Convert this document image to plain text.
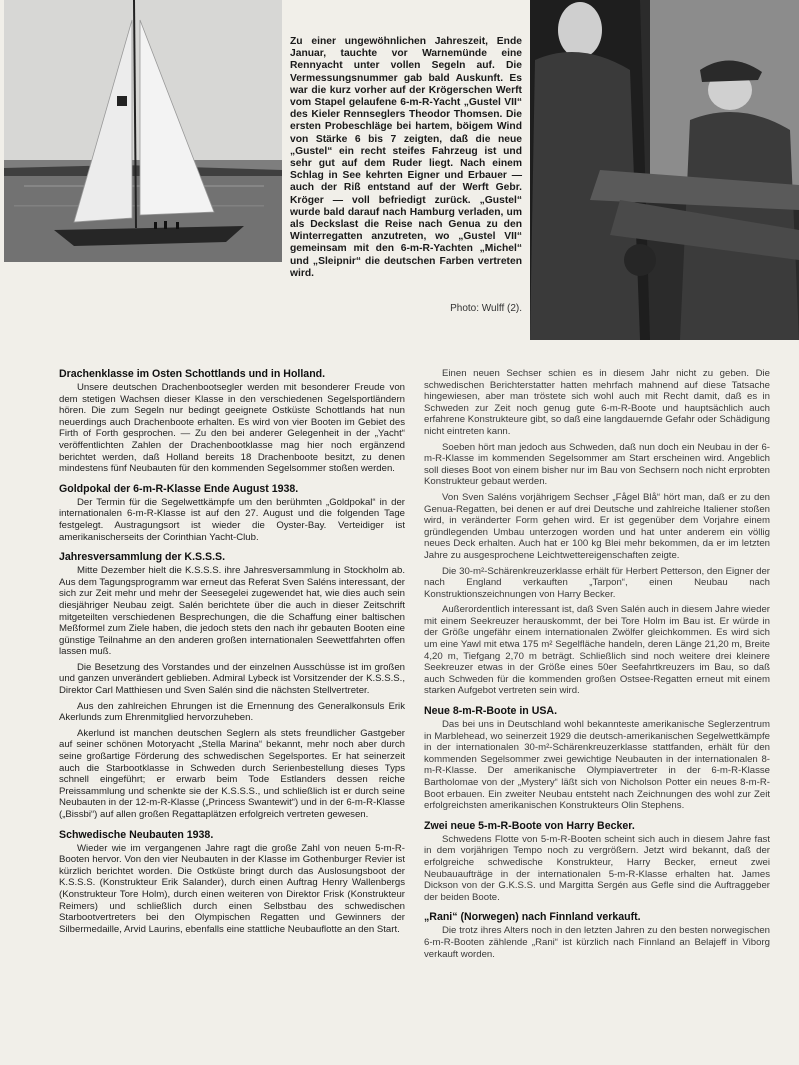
Zu einer ungewöhnlichen Jahreszeit, Ende Januar, tauchte vor Warnemünde eine Rennyacht unter vollen Segeln auf. Die Vermessungsnummer gab bald Auskunft. Es war die kurz vorher auf der Krögerschen Werft vom Stapel gelaufene 6-m-R-Yacht „Gustel VII“ des Kieler Rennseglers Theodor Thomsen. Die ersten Probeschläge bei hartem, böigem Wind von Stärke 6 bis 7 zeigten, daß die neue „Gustel“ ein recht steifes Fahrzeug ist und sehr gut auf dem Ruder liegt. Nach einem Schlag in See kehrten Eigner und Erbauer — auch der Riß entstand auf der Werft Gebr. Kröger — voll befriedigt zurück. „Gustel“ wurde bald darauf nach Hamburg verladen, um als Deckslast die Reise nach Genua zu den Winterregatten anzutreten, wo „Gustel VII“ gemeinsam mit den 6-m-R-Yachten „Michel“ und „Sleipnir“ die deutschen Farben vertreten wird.
Photo: Wulff (2).
Drachenklasse im Osten Schottlands und in Holland.

Unsere deutschen Drachenbootsegler werden mit besonderer Freude von dem stetigen Wachsen dieser Klasse in den verschiedenen Segelsportländern hören. Die zum Segeln nur bedingt geeignete Ostküste Schottlands hat nun neuerdings auch Drachenboote erhalten. Es wird von vier Booten im Gebiet des Firth of Forth gesprochen. — Zu den bei anderer Gelegenheit in der „Yacht“ veröffentlichten Zahlen der Drachenbootklasse mag hier noch ergänzend berichtet werden, daß Holland bereits 18 Drachenboote besitzt, zu denen mindestens fünf Neubauten für den kommenden Segelsommer stoßen werden.

Goldpokal der 6-m-R-Klasse Ende August 1938.

Der Termin für die Segelwettkämpfe um den berühmten „Goldpokal“ in der internationalen 6-m-R-Klasse ist auf den 27. August und die folgenden Tage festgelegt. Austragungsort ist wieder die Oyster-Bay. Verteidiger ist amerikanischerseits der Corinthian Yacht-Club.

Jahresversammlung der K.S.S.S.

Mitte Dezember hielt die K.S.S.S. ihre Jahresversammlung in Stockholm ab. Aus dem Tagungsprogramm war erneut das Referat Sven Saléns interessant, der sich zur Zeit mehr und mehr der Seesegelei zugewendet hat, wie dies auch sein diesjähriger Neubau zeigt. Salén berichtete über die auch in dieser Zeitschrift mitgeteilten verschiedenen Besprechungen, die die Schaffung einer baltischen Meßformel zum Ziele haben, die jedoch stets den nach ihr gebauten Booten eine günstige Teilnahme an den anderen großen internationalen Seewettfahrten offen lassen muß.

Die Besetzung des Vorstandes und der einzelnen Ausschüsse ist im großen und ganzen unverändert geblieben. Admiral Lybeck ist Vorsitzender der K.S.S.S., Direktor Carl Matthiesen und Sven Salén sind die nächsten Stellvertreter.

Aus den zahlreichen Ehrungen ist die Ernennung des Generalkonsuls Erik Akerlunds zum Ehrenmitglied hervorzuheben.

Akerlund ist manchen deutschen Seglern als stets freundlicher Gastgeber auf seiner schönen Motoryacht „Stella Marina“ bekannt, mehr noch aber durch seine großartige Förderung des schwedischen Segelsportes. Er hat seinerzeit auch die Starbootklasse in Schweden durch Serienbestellung dieses Typs schnell eingeführt; er erwarb beim Tode Estlanders dessen reiche Preissammlung und schenkte sie der K.S.S.S., und schließlich ist er durch seine Neubauten in der 12-m-R-Klasse („Princess Swantewit“) und in der 6-m-R-Klasse („Bissbi“) auf allen großen Regattaplätzen erfolgreich vertreten gewesen.

Schwedische Neubauten 1938.

Wieder wie im vergangenen Jahre ragt die große Zahl von neuen 5-m-R-Booten hervor. Von den vier Neubauten in der Klasse im Gothenburger Revier ist kürzlich berichtet worden. Die Ostküste bringt durch das Auslosungsboot der K.S.S.S. (Konstrukteur Erik Salander), durch einen Auftrag Henry Wallenbergs (Konstrukteur Tore Holm), durch einen weiteren von Direktor Frisk (Konstrukteur Reimers) und schließlich durch einen Selbstbau des schwedischen Starbootvertreters bei den Olympischen Regatten und Gewinners der Silbermedaille, Arvid Laurins, ebenfalls eine stattliche Neubauflotte an den Start.

Einen neuen Sechser schien es in diesem Jahr nicht zu geben. Die schwedischen Berichterstatter hatten mehrfach mahnend auf diese Tatsache hingewiesen, aber man tröstete sich wohl auch mit Recht damit, daß es in Schweden zur Zeit noch genug gute 6-m-R-Boote und hauptsächlich auch erfahrene Konstrukteure gibt, so daß eine langdauernde Gefahr oder Schädigung nicht eintreten kann.

Soeben hört man jedoch aus Schweden, daß nun doch ein Neubau in der 6-m-R-Klasse im kommenden Segelsommer am Start erscheinen wird. Angeblich soll dieses Boot von einem bisher nur im Bau von Sechsern noch nicht erprobten Konstrukteur gebaut werden.

Von Sven Saléns vorjährigem Sechser „Fågel Blå“ hört man, daß er zu den Genua-Regatten, bei denen er auf drei Deutsche und zahlreiche Italiener stoßen wird, in veränderter Form gehen wird. Er ist gegenüber dem Vorjahre einem gründlegenden Umbau unterzogen worden und hat unter anderem ein völlig neues Deck erhalten. Auch hat er 100 kg Blei mehr bekommen, da er im letzten Jahre zu ausgesprochene Leichtwettereigenschaften zeigte.

Die 30-m²-Schärenkreuzerklasse erhält für Herbert Petterson, den Eigner der nach England verkauften „Tarpon“, einen Neubau nach Konstruktionszeichnungen von Harry Becker.

Außerordentlich interessant ist, daß Sven Salén auch in diesem Jahre wieder mit einem Seekreuzer herauskommt, der bei Tore Holm im Bau ist. Er würde in der Größe ungefähr einem internationalen Zwölfer gleichkommen. Es wird sich um eine Yawl mit etwa 175 m² Segelfläche handeln, deren Länge 21,20 m, Breite 4,20 m, Tiefgang 2,70 m beträgt. Schließlich sind noch weitere drei kleinere Seekreuzer etwas in der Größe eines 50er Seefahrtkreuzers im Bau, so daß auch Schweden für die kommenden großen Ostsee-Regatten erneut mit einem starken Aufgebot vertreten sein wird.

Neue 8-m-R-Boote in USA.

Das bei uns in Deutschland wohl bekannteste amerikanische Seglerzentrum in Marblehead, wo seinerzeit 1929 die deutsch-amerikanischen Segelwettkämpfe in der internationalen 30-m²-Schärenkreuzerklasse stattfanden, erhält für den kommenden Segelsommer zwei gewichtige Neubauten in der internationalen 8-m-R-Klasse. Der amerikanische Olympiavertreter in der 6-m-R-Klasse Bartholomae von der „Mystery“ läßt sich von Nicholson Potter ein neues 8-m-R-Boot erbauen. Ein zweiter Neubau entsteht nach Zeichnungen des wohl zur Zeit erfolgreichsten amerikanischen Konstrukteurs Olin Stephens.

Zwei neue 5-m-R-Boote von Harry Becker.

Schwedens Flotte von 5-m-R-Booten scheint sich auch in diesem Jahre fast in dem vorjährigen Tempo noch zu vergrößern. Jetzt wird bekannt, daß der erfolgreiche schwedische Konstrukteur, Harry Becker, erneut zwei Neubauaufträge in der internationalen 5-m-R-Klasse erhalten hat. James Dickson von der G.K.S.S. und Margitta Sergén aus Gefle sind die Auftraggeber der beiden Boote.

„Rani“ (Norwegen) nach Finnland verkauft.

Die trotz ihres Alters noch in den letzten Jahren zu den besten norwegischen 6-m-R-Booten zählende „Rani“ ist kürzlich nach Finnland an Belajeff in Viborg verkauft worden.
